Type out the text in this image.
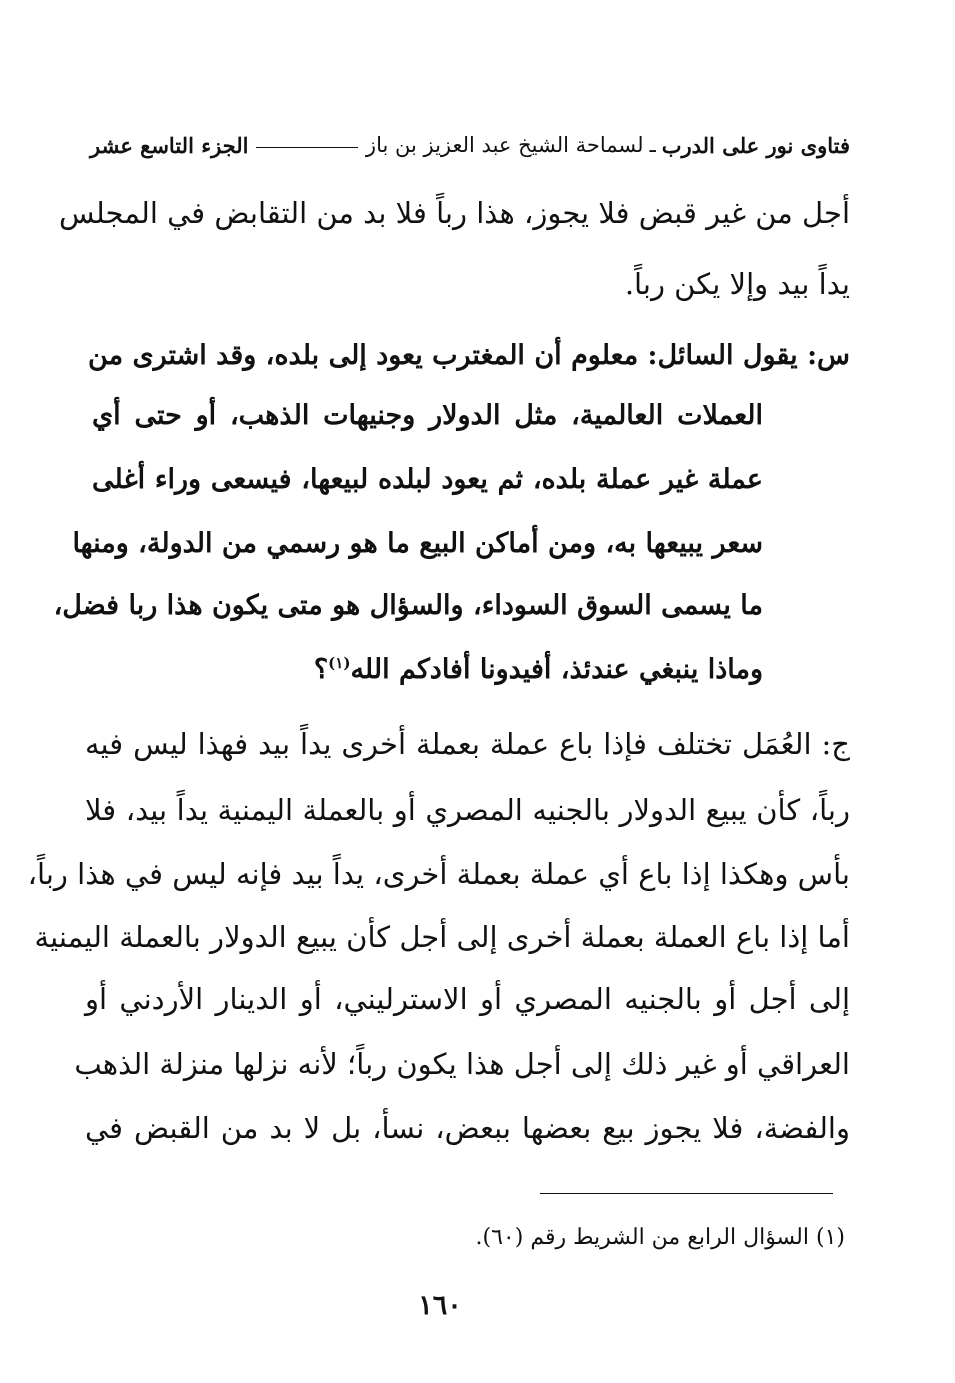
فتاوى نور على الدرب
ـ
لسماحة الشيخ عبد العزيز بن باز
الجزء التاسع عشر
أجل من غير قبض فلا يجوز، هذا رباً فلا بد من التقابض في المجلس
يداً بيد وإلا يكن رباً.
س: يقول السائل: معلوم أن المغترب يعود إلى بلده، وقد اشترى من
العملات العالمية، مثل الدولار وجنيهات الذهب، أو حتى أي
عملة غير عملة بلده، ثم يعود لبلده لبيعها، فيسعى وراء أغلى
سعر يبيعها به، ومن أماكن البيع ما هو رسمي من الدولة، ومنها
ما يسمى السوق السوداء، والسؤال هو متى يكون هذا ربا فضل،
وماذا ينبغي عندئذ، أفيدونا أفادكم الله$^{(١)}$؟
ج: العُمَل تختلف فإذا باع عملة بعملة أخرى يداً بيد فهذا ليس فيه
رباً، كأن يبيع الدولار بالجنيه المصري أو بالعملة اليمنية يداً بيد، فلا
بأس وهكذا إذا باع أي عملة بعملة أخرى، يداً بيد فإنه ليس في هذا رباً،
أما إذا باع العملة بعملة أخرى إلى أجل كأن يبيع الدولار بالعملة اليمنية
إلى أجل أو بالجنيه المصري أو الاسترليني، أو الدينار الأردني أو
العراقي أو غير ذلك إلى أجل هذا يكون رباً؛ لأنه نزلها منزلة الذهب
والفضة، فلا يجوز بيع بعضها ببعض، نسأ، بل لا بد من القبض في
(١) السؤال الرابع من الشريط رقم (٦٠).
١٦٠
